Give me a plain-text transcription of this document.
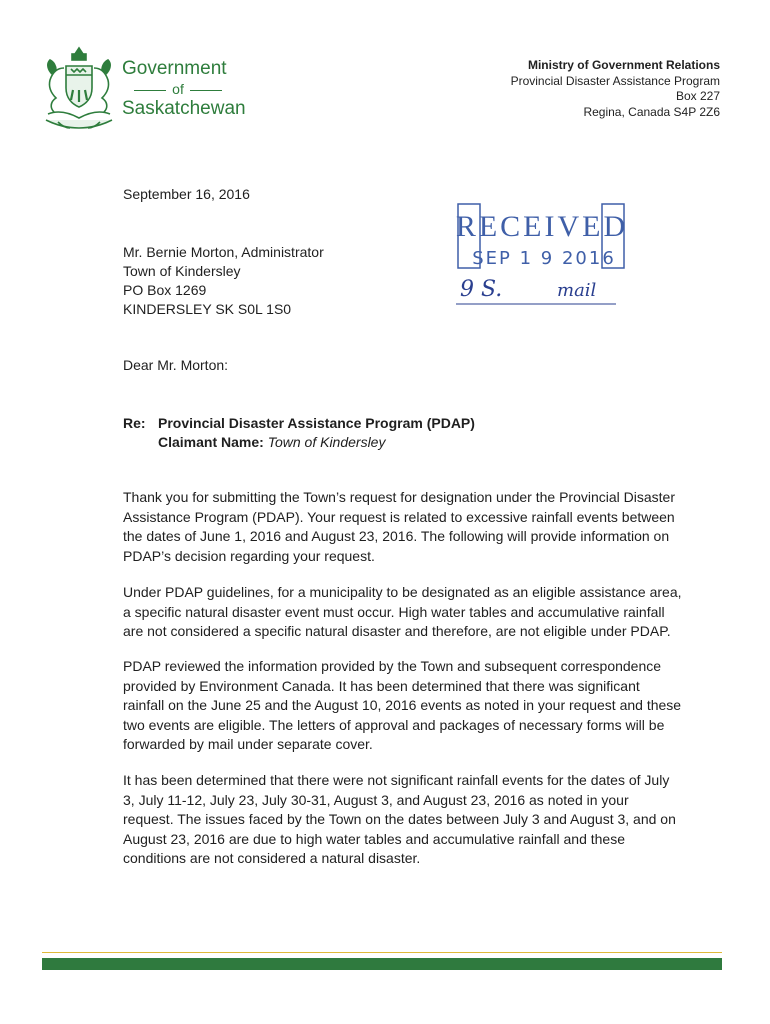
Government
of
Saskatchewan
Ministry of Government Relations
Provincial Disaster Assistance Program
Box 227
Regina, Canada S4P 2Z6
September 16, 2016
RECEIVED
SEP 1 9 2016
9 S.	mail
Mr. Bernie Morton, Administrator
Town of Kindersley
PO Box 1269
KINDERSLEY SK S0L 1S0
Dear Mr. Morton:
Re: Provincial Disaster Assistance Program (PDAP)
Claimant Name: Town of Kindersley
Thank you for submitting the Town’s request for designation under the Provincial Disaster Assistance Program (PDAP). Your request is related to excessive rainfall events between the dates of June 1, 2016 and August 23, 2016. The following will provide information on PDAP’s decision regarding your request.
Under PDAP guidelines, for a municipality to be designated as an eligible assistance area, a specific natural disaster event must occur. High water tables and accumulative rainfall are not considered a specific natural disaster and therefore, are not eligible under PDAP.
PDAP reviewed the information provided by the Town and subsequent correspondence provided by Environment Canada. It has been determined that there was significant rainfall on the June 25 and the August 10, 2016 events as noted in your request and these two events are eligible. The letters of approval and packages of necessary forms will be forwarded by mail under separate cover.
It has been determined that there were not significant rainfall events for the dates of July 3, July 11-12, July 23, July 30-31, August 3, and August 23, 2016 as noted in your request. The issues faced by the Town on the dates between July 3 and August 3, and on August 23, 2016 are due to high water tables and accumulative rainfall and these conditions are not considered a natural disaster.
